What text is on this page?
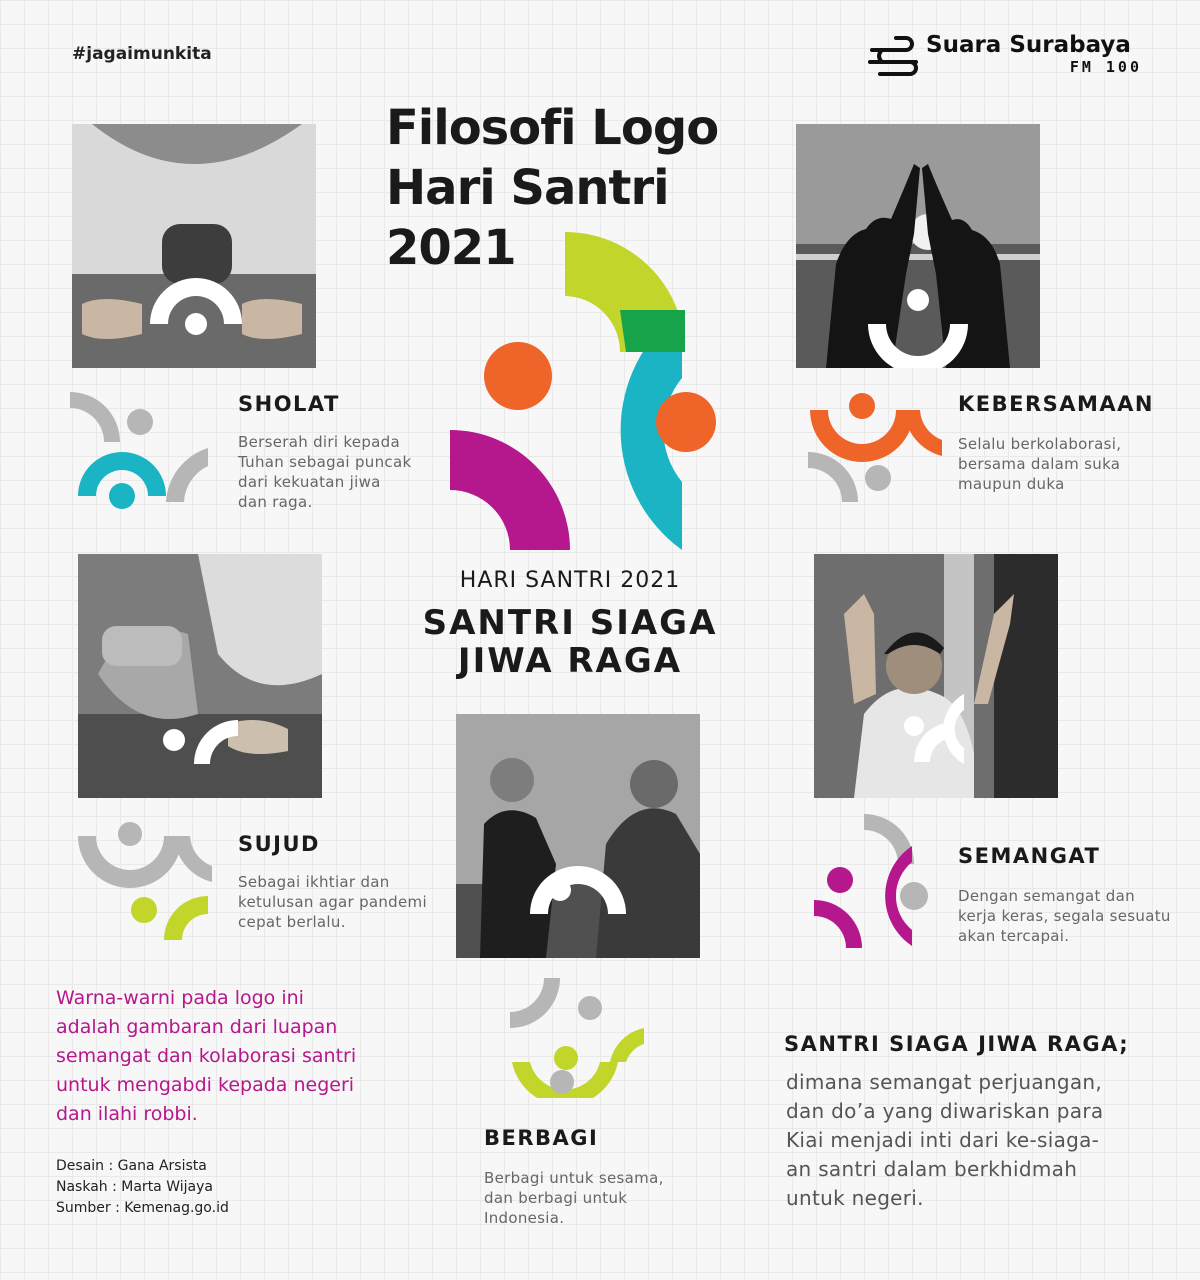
#jagaimunkita	Suara Surabaya
FM 100
Filosofi Logo
Hari Santri
2021
HARI SANTRI 2021
SANTRI SIAGA
JIWA RAGA
SHOLAT
Berserah diri kepada
Tuhan sebagai puncak
dari kekuatan jiwa
dan raga.
KEBERSAMAAN
Selalu berkolaborasi,
bersama dalam suka
maupun duka
SUJUD
Sebagai ikhtiar dan
ketulusan agar pandemi
cepat berlalu.
SEMANGAT
Dengan semangat dan
kerja keras, segala sesuatu
akan tercapai.
BERBAGI
Berbagi untuk sesama,
dan berbagi untuk
Indonesia.
Warna-warni pada logo ini
adalah gambaran dari luapan
semangat dan kolaborasi santri
untuk mengabdi kepada negeri
dan ilahi robbi.
Desain : Gana Arsista
Naskah : Marta Wijaya
Sumber : Kemenag.go.id
SANTRI SIAGA JIWA RAGA;
dimana semangat perjuangan,
dan do’a yang diwariskan para
Kiai menjadi inti dari ke-siaga-
an santri dalam berkhidmah
untuk negeri.
